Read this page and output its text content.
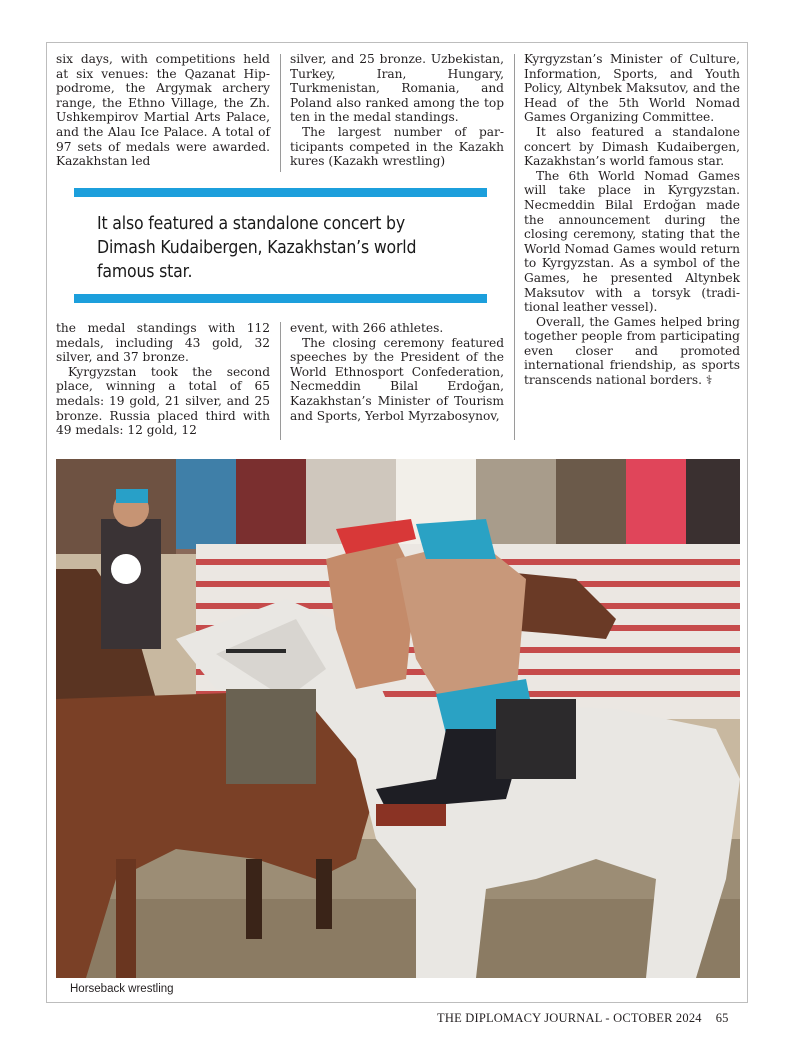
six days, with competitions held at six venues: the Qazanat Hippodrome, the Argymak archery range, the Ethno Village, the Zh. Ushkempirov Martial Arts Palace, and the Alau Ice Palace. A total of 97 sets of medals were awarded. Kazakhstan led

silver, and 25 bronze. Uzbekistan, Turkey, Iran, Hungary, Turkmenistan, Romania, and Poland also ranked among the top ten in the medal standings.

The largest number of participants competed in the Kazakh kures (Kazakh wrestling)

It also featured a standalone concert by Dimash Kudaibergen, Kazakhstan’s world famous star.

the medal standings with 112 medals, including 43 gold, 32 silver, and 37 bronze.

Kyrgyzstan took the second place, winning a total of 65 medals: 19 gold, 21 silver, and 25 bronze. Russia placed third with 49 medals: 12 gold, 12

event, with 266 athletes.

The closing ceremony featured speeches by the President of the World Ethnosport Confederation, Necmeddin Bilal Erdoğan, Kazakhstan’s Minister of Tourism and Sports, Yerbol Myrzabosynov,

Kyrgyzstan’s Minister of Culture, Information, Sports, and Youth Policy, Altynbek Maksutov, and the Head of the 5th World Nomad Games Organizing Committee.

It also featured a standalone concert by Dimash Kudaibergen, Kazakhstan’s world famous star.

The 6th World Nomad Games will take place in Kyrgyzstan. Necmeddin Bilal Erdoğan made the announcement during the closing ceremony, stating that the World Nomad Games would return to Kyrgyzstan. As a symbol of the Games, he presented Altynbek Maksutov with a torsyk (traditional leather vessel).

Overall, the Games helped bring together people from participating even closer and promoted international friendship, as sports transcends national borders. ⚕

Horseback wrestling
THE DIPLOMACY JOURNAL - OCTOBER 2024 65
